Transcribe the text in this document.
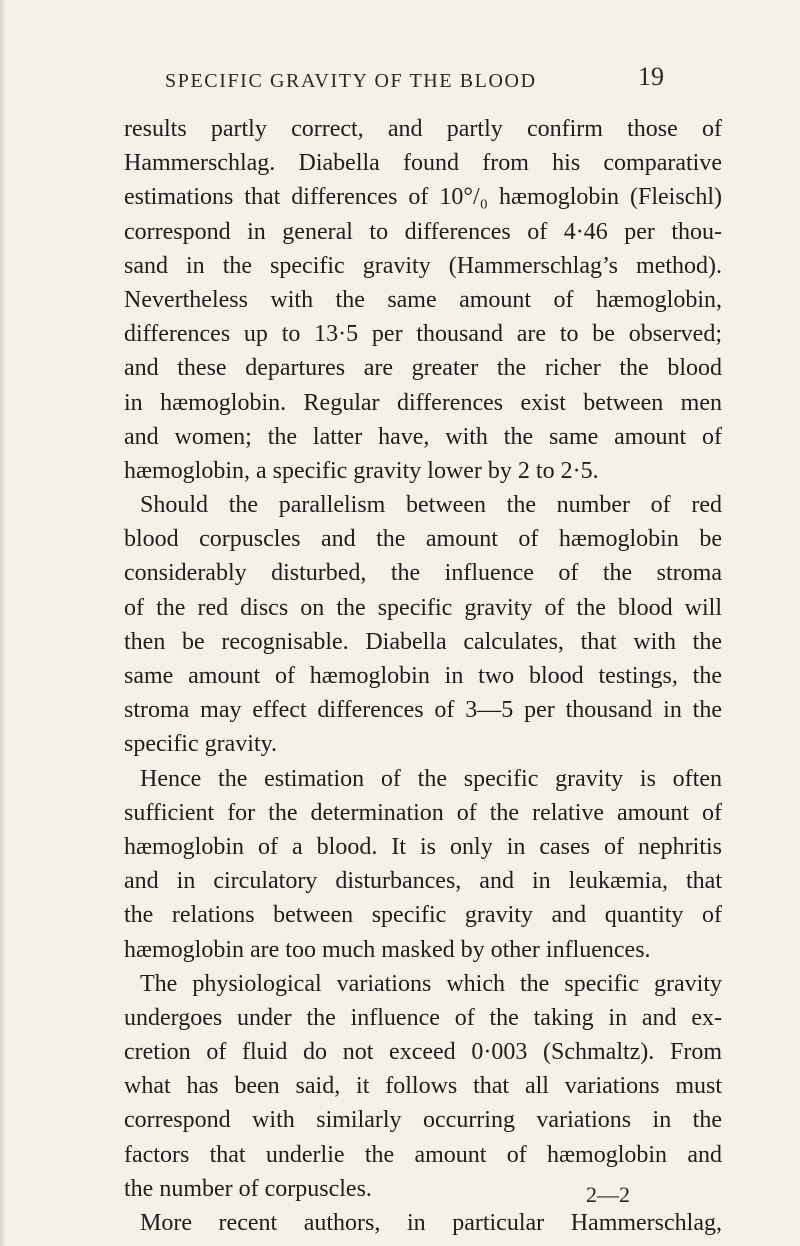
SPECIFIC GRAVITY OF THE BLOOD	19
results partly correct, and partly confirm those of
Hammerschlag. Diabella found from his comparative
estimations that differences of 10°/₀ hæmoglobin (Fleischl)
correspond in general to differences of 4·46 per thou-
sand in the specific gravity (Hammerschlag’s method).
Nevertheless with the same amount of hæmoglobin,
differences up to 13·5 per thousand are to be observed;
and these departures are greater the richer the blood
in hæmoglobin. Regular differences exist between men
and women; the latter have, with the same amount of
hæmoglobin, a specific gravity lower by 2 to 2·5.
Should the parallelism between the number of red
blood corpuscles and the amount of hæmoglobin be
considerably disturbed, the influence of the stroma
of the red discs on the specific gravity of the blood will
then be recognisable. Diabella calculates, that with the
same amount of hæmoglobin in two blood testings, the
stroma may effect differences of 3—5 per thousand in the
specific gravity.
Hence the estimation of the specific gravity is often
sufficient for the determination of the relative amount of
hæmoglobin of a blood. It is only in cases of nephritis
and in circulatory disturbances, and in leukæmia, that
the relations between specific gravity and quantity of
hæmoglobin are too much masked by other influences.
The physiological variations which the specific gravity
undergoes under the influence of the taking in and ex-
cretion of fluid do not exceed 0·003 (Schmaltz). From
what has been said, it follows that all variations must
correspond with similarly occurring variations in the
factors that underlie the amount of hæmoglobin and
the number of corpuscles.
More recent authors, in particular Hammerschlag,
2—2
